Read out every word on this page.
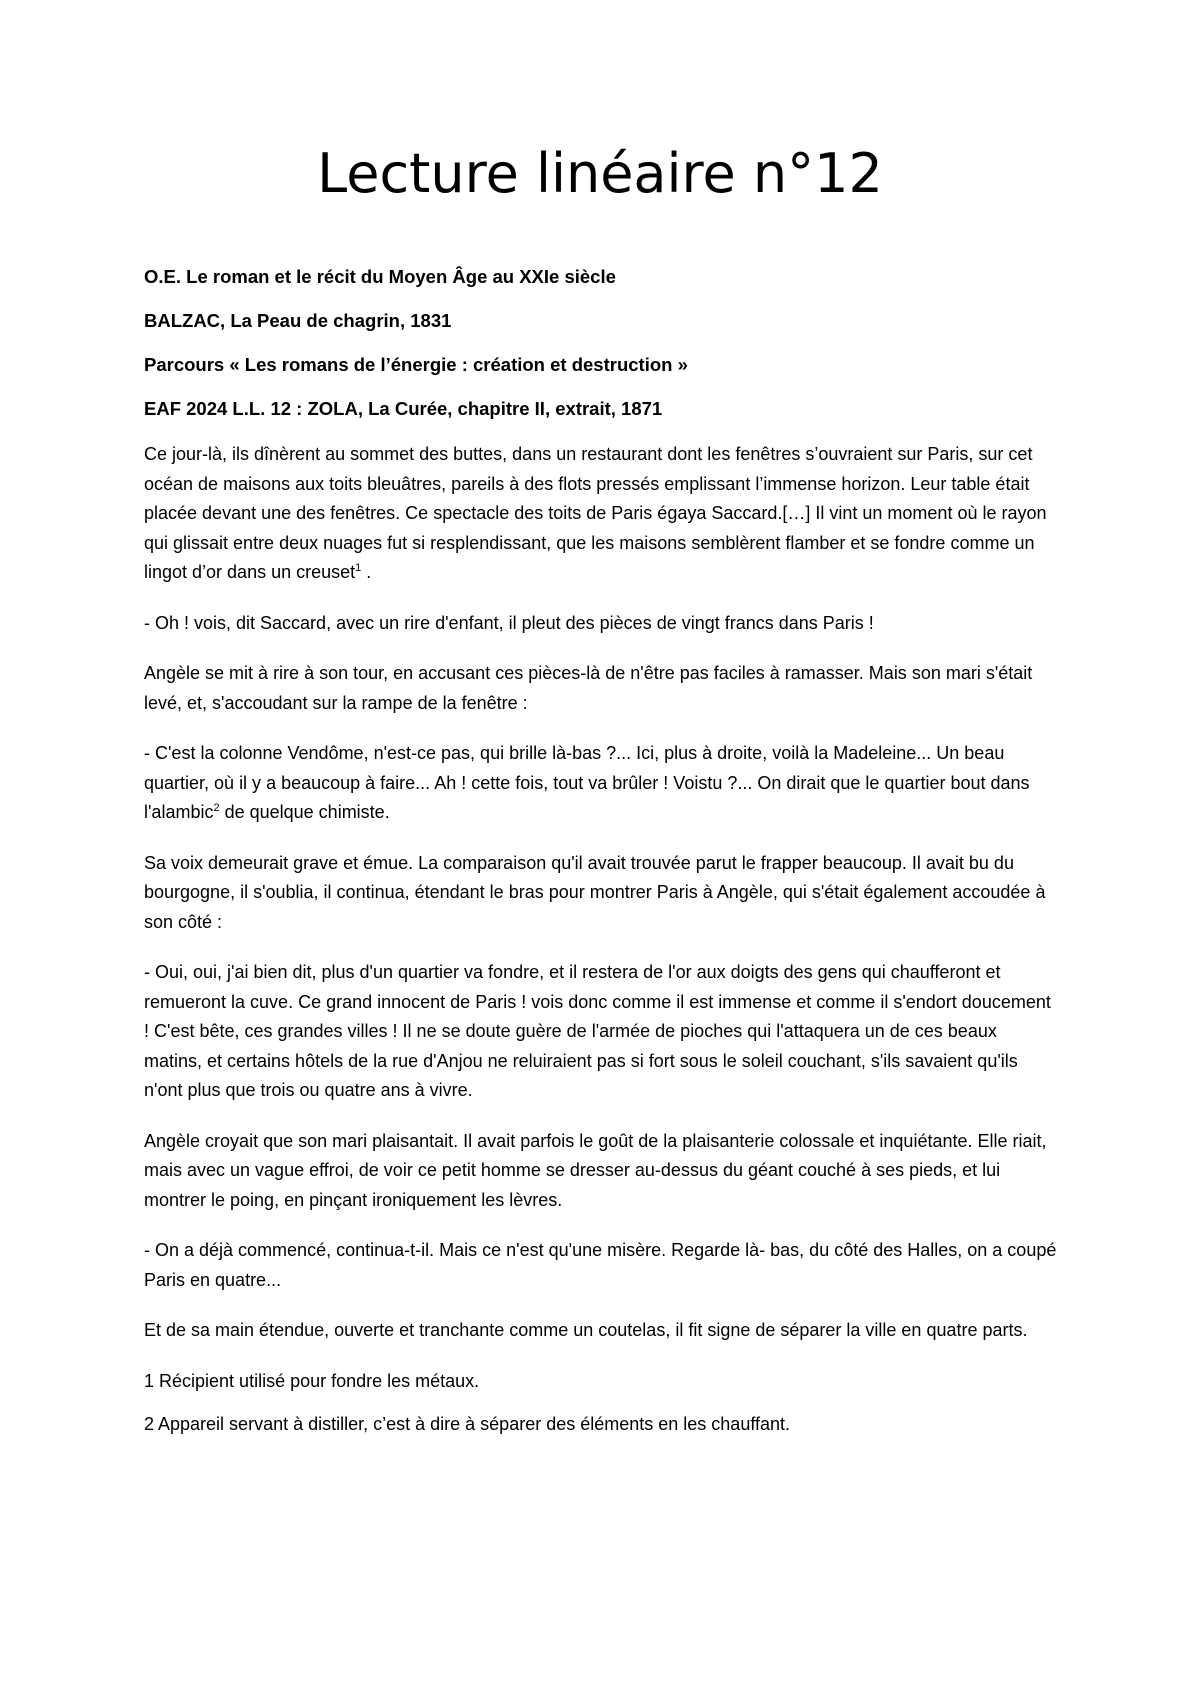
Lecture linéaire n°12

O.E. Le roman et le récit du Moyen Âge au XXIe siècle

BALZAC, La Peau de chagrin, 1831

Parcours « Les romans de l’énergie : création et destruction »

EAF 2024 L.L. 12 : ZOLA, La Curée, chapitre II, extrait, 1871

Ce jour-là, ils dînèrent au sommet des buttes, dans un restaurant dont les fenêtres s’ouvraient sur Paris, sur cet océan de maisons aux toits bleuâtres, pareils à des flots pressés emplissant l’immense horizon. Leur table était placée devant une des fenêtres. Ce spectacle des toits de Paris égaya Saccard.[…] Il vint un moment où le rayon qui glissait entre deux nuages fut si resplendissant, que les maisons semblèrent flamber et se fondre comme un lingot d’or dans un creuset$^1$ .

- Oh ! vois, dit Saccard, avec un rire d'enfant, il pleut des pièces de vingt francs dans Paris !

Angèle se mit à rire à son tour, en accusant ces pièces-là de n'être pas faciles à ramasser. Mais son mari s'était levé, et, s'accoudant sur la rampe de la fenêtre :

- C'est la colonne Vendôme, n'est-ce pas, qui brille là-bas ?... Ici, plus à droite, voilà la Madeleine... Un beau quartier, où il y a beaucoup à faire... Ah ! cette fois, tout va brûler ! Voistu ?... On dirait que le quartier bout dans l'alambic$^2$ de quelque chimiste.

Sa voix demeurait grave et émue. La comparaison qu'il avait trouvée parut le frapper beaucoup. Il avait bu du bourgogne, il s'oublia, il continua, étendant le bras pour montrer Paris à Angèle, qui s'était également accoudée à son côté :

- Oui, oui, j'ai bien dit, plus d'un quartier va fondre, et il restera de l'or aux doigts des gens qui chaufferont et remueront la cuve. Ce grand innocent de Paris ! vois donc comme il est immense et comme il s'endort doucement ! C'est bête, ces grandes villes ! Il ne se doute guère de l'armée de pioches qui l'attaquera un de ces beaux matins, et certains hôtels de la rue d'Anjou ne reluiraient pas si fort sous le soleil couchant, s'ils savaient qu'ils n'ont plus que trois ou quatre ans à vivre.

Angèle croyait que son mari plaisantait. Il avait parfois le goût de la plaisanterie colossale et inquiétante. Elle riait, mais avec un vague effroi, de voir ce petit homme se dresser au-dessus du géant couché à ses pieds, et lui montrer le poing, en pinçant ironiquement les lèvres.

- On a déjà commencé, continua-t-il. Mais ce n'est qu'une misère. Regarde là- bas, du côté des Halles, on a coupé Paris en quatre...

Et de sa main étendue, ouverte et tranchante comme un coutelas, il fit signe de séparer la ville en quatre parts.

1 Récipient utilisé pour fondre les métaux.

2 Appareil servant à distiller, c’est à dire à séparer des éléments en les chauffant.
